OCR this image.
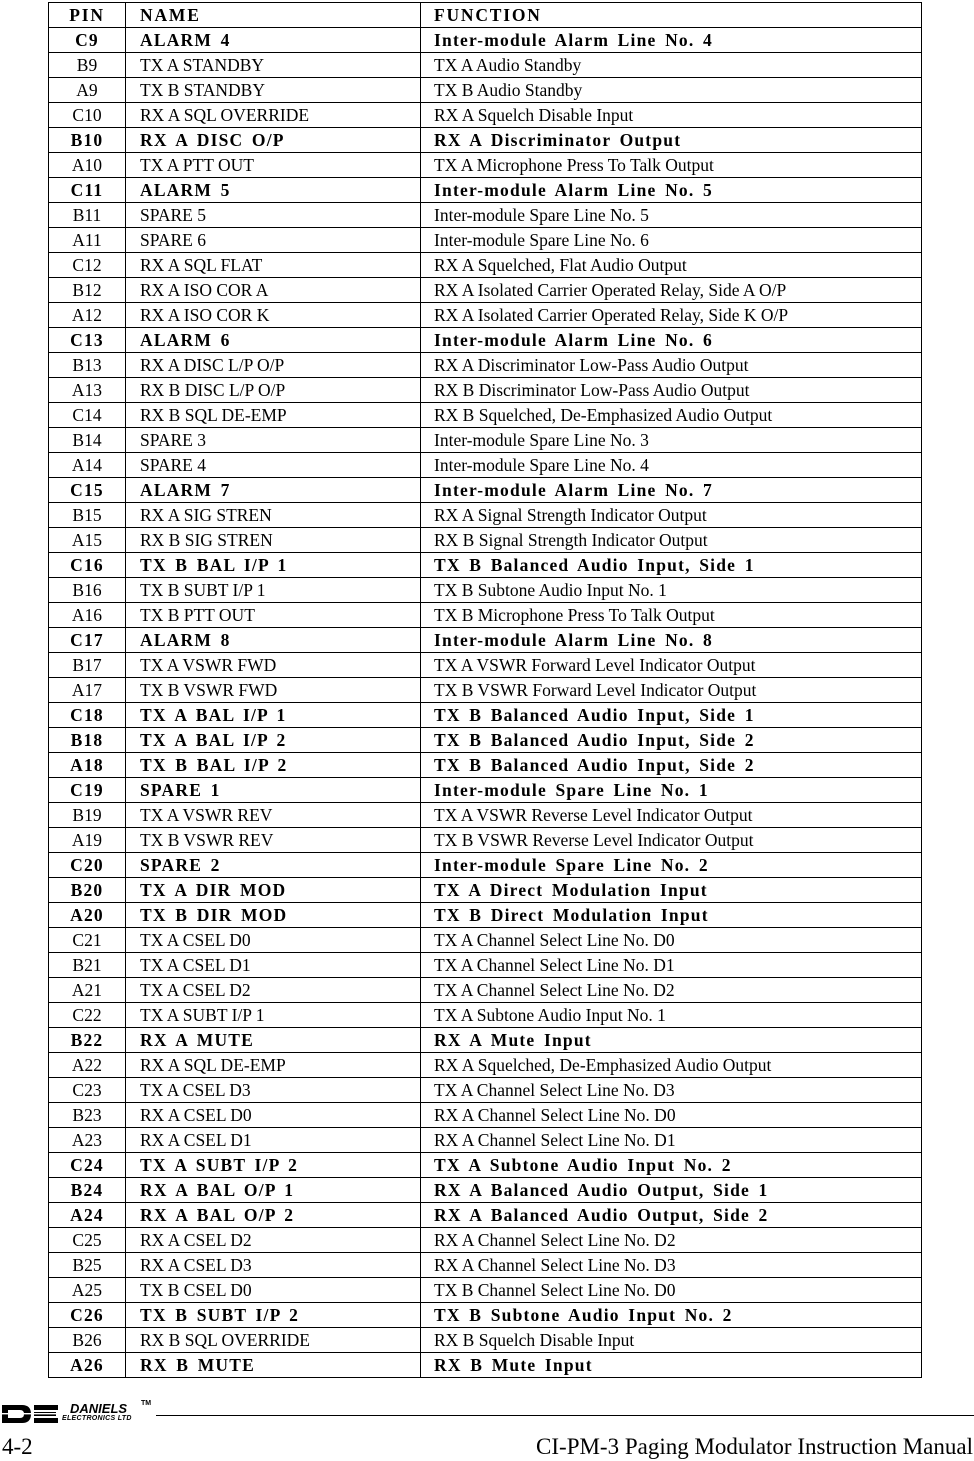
PIN	NAME	FUNCTION
C9	ALARM 4	Inter-module Alarm Line No. 4
B9	TX A STANDBY	TX A Audio Standby
A9	TX B STANDBY	TX B Audio Standby
C10	RX A SQL OVERRIDE	RX A Squelch Disable Input
B10	RX A DISC O/P	RX A Discriminator Output
A10	TX A PTT OUT	TX A Microphone Press To Talk Output
C11	ALARM 5	Inter-module Alarm Line No. 5
B11	SPARE 5	Inter-module Spare Line No. 5
A11	SPARE 6	Inter-module Spare Line No. 6
C12	RX A SQL FLAT	RX A Squelched, Flat Audio Output
B12	RX A ISO COR A	RX A Isolated Carrier Operated Relay, Side A O/P
A12	RX A ISO COR K	RX A Isolated Carrier Operated Relay, Side K O/P
C13	ALARM 6	Inter-module Alarm Line No. 6
B13	RX A DISC L/P O/P	RX A Discriminator Low-Pass Audio Output
A13	RX B DISC L/P O/P	RX B Discriminator Low-Pass Audio Output
C14	RX B SQL DE-EMP	RX B Squelched, De-Emphasized Audio Output
B14	SPARE 3	Inter-module Spare Line No. 3
A14	SPARE 4	Inter-module Spare Line No. 4
C15	ALARM 7	Inter-module Alarm Line No. 7
B15	RX A SIG STREN	RX A Signal Strength Indicator Output
A15	RX B SIG STREN	RX B Signal Strength Indicator Output
C16	TX B BAL I/P 1	TX B Balanced Audio Input, Side 1
B16	TX B SUBT I/P 1	TX B Subtone Audio Input No. 1
A16	TX B PTT OUT	TX B Microphone Press To Talk Output
C17	ALARM 8	Inter-module Alarm Line No. 8
B17	TX A VSWR FWD	TX A VSWR Forward Level Indicator Output
A17	TX B VSWR FWD	TX B VSWR Forward Level Indicator Output
C18	TX A BAL I/P 1	TX B Balanced Audio Input, Side 1
B18	TX A BAL I/P 2	TX B Balanced Audio Input, Side 2
A18	TX B BAL I/P 2	TX B Balanced Audio Input, Side 2
C19	SPARE 1	Inter-module Spare Line No. 1
B19	TX A VSWR REV	TX A VSWR Reverse Level Indicator Output
A19	TX B VSWR REV	TX B VSWR Reverse Level Indicator Output
C20	SPARE 2	Inter-module Spare Line No. 2
B20	TX A DIR MOD	TX A Direct Modulation Input
A20	TX B DIR MOD	TX B Direct Modulation Input
C21	TX A CSEL D0	TX A Channel Select Line No. D0
B21	TX A CSEL D1	TX A Channel Select Line No. D1
A21	TX A CSEL D2	TX A Channel Select Line No. D2
C22	TX A SUBT I/P 1	TX A Subtone Audio Input No. 1
B22	RX A MUTE	RX A Mute Input
A22	RX A SQL DE-EMP	RX A Squelched, De-Emphasized Audio Output
C23	TX A CSEL D3	TX A Channel Select Line No. D3
B23	RX A CSEL D0	RX A Channel Select Line No. D0
A23	RX A CSEL D1	RX A Channel Select Line No. D1
C24	TX A SUBT I/P 2	TX A Subtone Audio Input No. 2
B24	RX A BAL O/P 1	RX A Balanced Audio Output, Side 1
A24	RX A BAL O/P 2	RX A Balanced Audio Output, Side 2
C25	RX A CSEL D2	RX A Channel Select Line No. D2
B25	RX A CSEL D3	RX A Channel Select Line No. D3
A25	TX B CSEL D0	TX B Channel Select Line No. D0
C26	TX B SUBT I/P 2	TX B Subtone Audio Input No. 2
B26	RX B SQL OVERRIDE	RX B Squelch Disable Input
A26	RX B MUTE	RX B Mute Input
DANIELS TM
ELECTRONICS LTD
4-2	CI-PM-3 Paging Modulator Instruction Manual
